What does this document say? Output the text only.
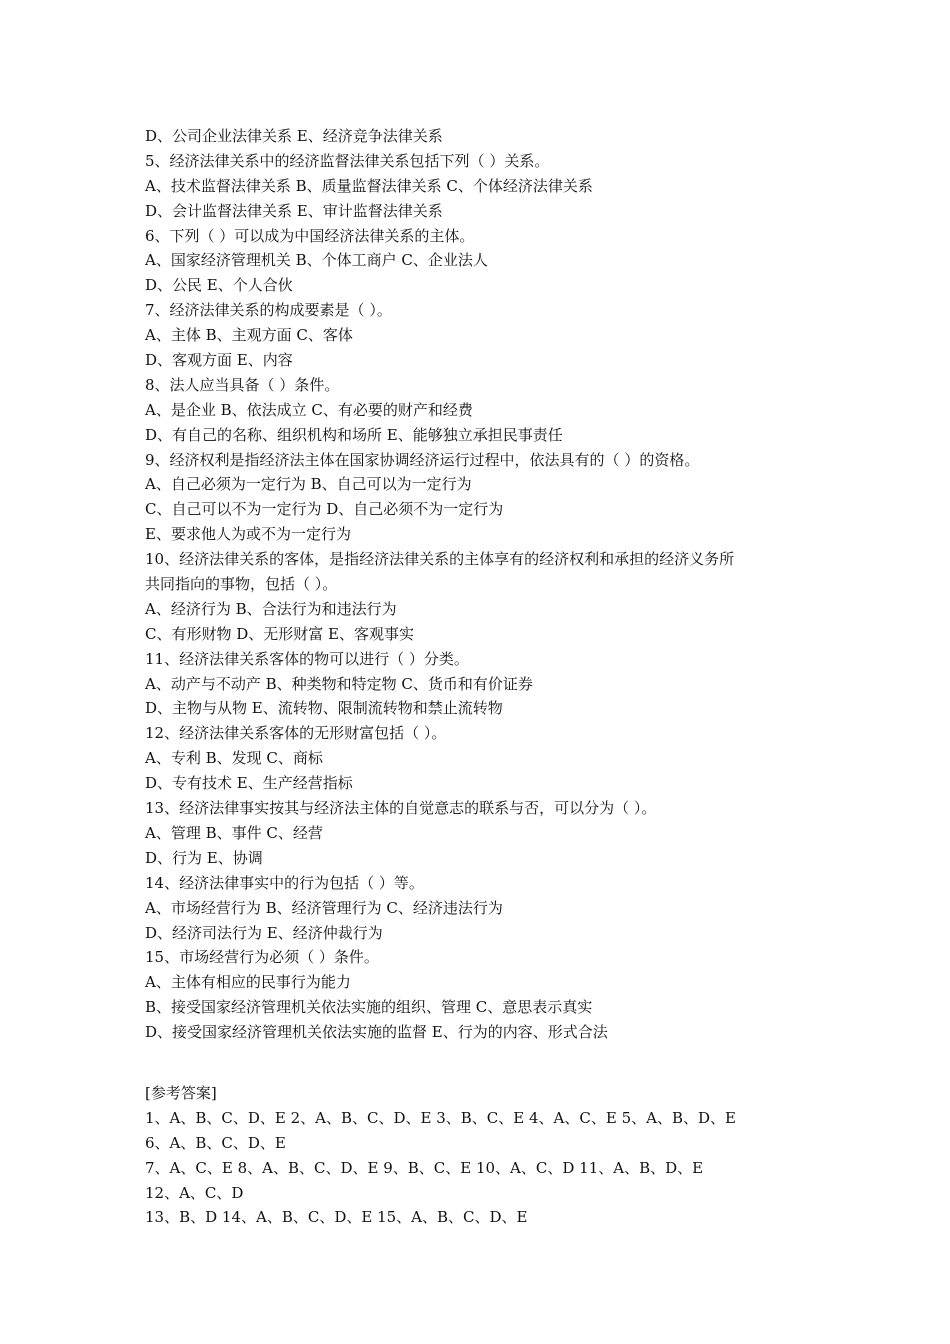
D、公司企业法律关系 E、经济竞争法律关系
5、经济法律关系中的经济监督法律关系包括下列（ ）关系。
A、技术监督法律关系 B、质量监督法律关系 C、个体经济法律关系
D、会计监督法律关系 E、审计监督法律关系
6、下列（ ）可以成为中国经济法律关系的主体。
A、国家经济管理机关 B、个体工商户 C、企业法人
D、公民 E、个人合伙
7、经济法律关系的构成要素是（ ）。
A、主体 B、主观方面 C、客体
D、客观方面 E、内容
8、法人应当具备（ ）条件。
A、是企业 B、依法成立 C、有必要的财产和经费
D、有自己的名称、组织机构和场所 E、能够独立承担民事责任
9、经济权利是指经济法主体在国家协调经济运行过程中，依法具有的（ ）的资格。
A、自己必须为一定行为 B、自己可以为一定行为
C、自己可以不为一定行为 D、自己必须不为一定行为
E、要求他人为或不为一定行为
10、经济法律关系的客体，是指经济法律关系的主体享有的经济权利和承担的经济义务所
共同指向的事物，包括（ ）。
A、经济行为 B、合法行为和违法行为
C、有形财物 D、无形财富 E、客观事实
11、经济法律关系客体的物可以进行（ ）分类。
A、动产与不动产 B、种类物和特定物 C、货币和有价证券
D、主物与从物 E、流转物、限制流转物和禁止流转物
12、经济法律关系客体的无形财富包括（ ）。
A、专利 B、发现 C、商标
D、专有技术 E、生产经营指标
13、经济法律事实按其与经济法主体的自觉意志的联系与否，可以分为（ ）。
A、管理 B、事件 C、经营
D、行为 E、协调
14、经济法律事实中的行为包括（ ）等。
A、市场经营行为 B、经济管理行为 C、经济违法行为
D、经济司法行为 E、经济仲裁行为
15、市场经营行为必须（ ）条件。
A、主体有相应的民事行为能力
B、接受国家经济管理机关依法实施的组织、管理 C、意思表示真实
D、接受国家经济管理机关依法实施的监督 E、行为的内容、形式合法
[参考答案]
1、A、B、C、D、E 2、A、B、C、D、E 3、B、C、E 4、A、C、E 5、A、B、D、E
6、A、B、C、D、E
7、A、C、E 8、A、B、C、D、E 9、B、C、E 10、A、C、D 11、A、B、D、E
12、A、C、D
13、B、D 14、A、B、C、D、E 15、A、B、C、D、E
